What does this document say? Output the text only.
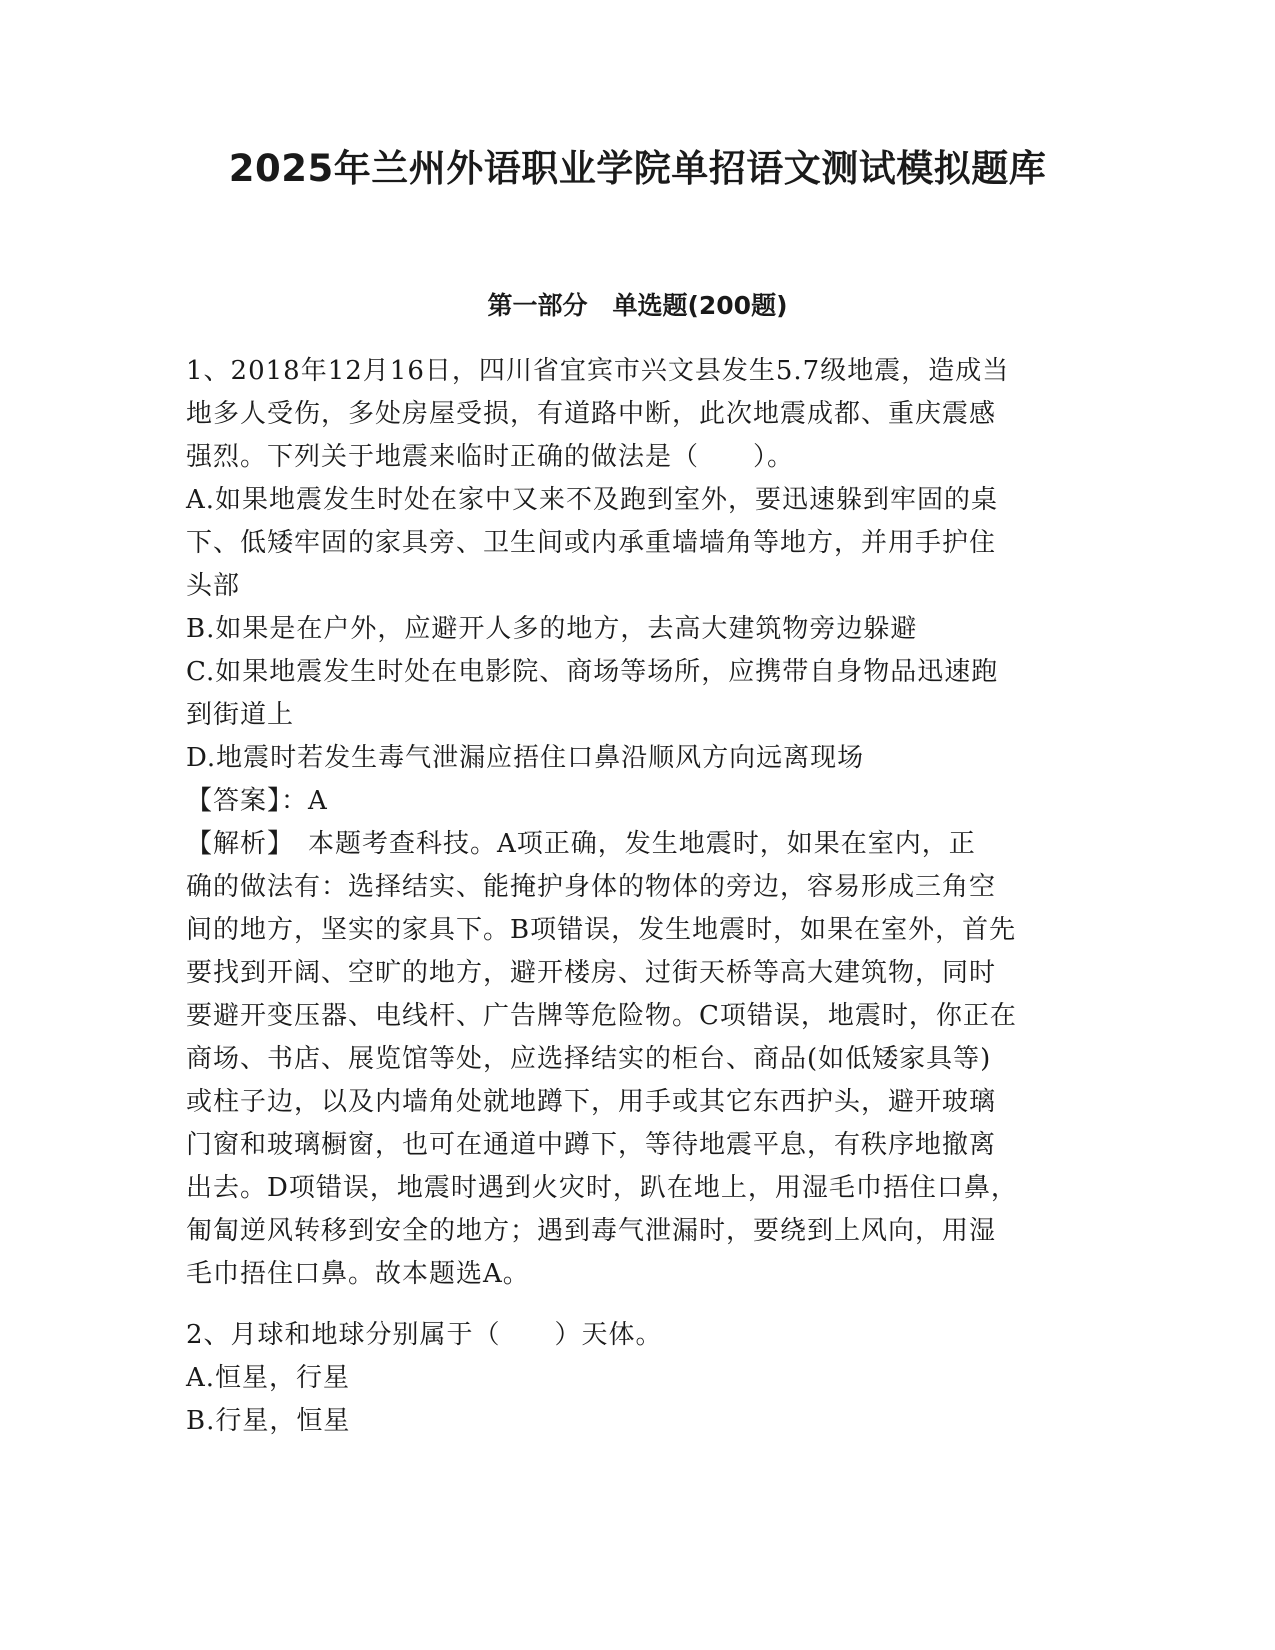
2025年兰州外语职业学院单招语文测试模拟题库
第一部分　单选题(200题)

1、2018年12月16日，四川省宜宾市兴文县发生5.7级地震，造成当

地多人受伤，多处房屋受损，有道路中断，此次地震成都、重庆震感

强烈。下列关于地震来临时正确的做法是（　　）。

A.如果地震发生时处在家中又来不及跑到室外，要迅速躲到牢固的桌

下、低矮牢固的家具旁、卫生间或内承重墙墙角等地方，并用手护住

头部

B.如果是在户外，应避开人多的地方，去高大建筑物旁边躲避

C.如果地震发生时处在电影院、商场等场所，应携带自身物品迅速跑

到街道上

D.地震时若发生毒气泄漏应捂住口鼻沿顺风方向远离现场

【答案】：A

【解析】　本题考查科技。A项正确，发生地震时，如果在室内，正

确的做法有：选择结实、能掩护身体的物体的旁边，容易形成三角空

间的地方，坚实的家具下。B项错误，发生地震时，如果在室外，首先

要找到开阔、空旷的地方，避开楼房、过街天桥等高大建筑物，同时

要避开变压器、电线杆、广告牌等危险物。C项错误，地震时，你正在

商场、书店、展览馆等处，应选择结实的柜台、商品(如低矮家具等)

或柱子边，以及内墙角处就地蹲下，用手或其它东西护头，避开玻璃

门窗和玻璃橱窗，也可在通道中蹲下，等待地震平息，有秩序地撤离

出去。D项错误，地震时遇到火灾时，趴在地上，用湿毛巾捂住口鼻，

匍匐逆风转移到安全的地方；遇到毒气泄漏时，要绕到上风向，用湿

毛巾捂住口鼻。故本题选A。

2、月球和地球分别属于（　　）天体。

A.恒星，行星

B.行星，恒星
